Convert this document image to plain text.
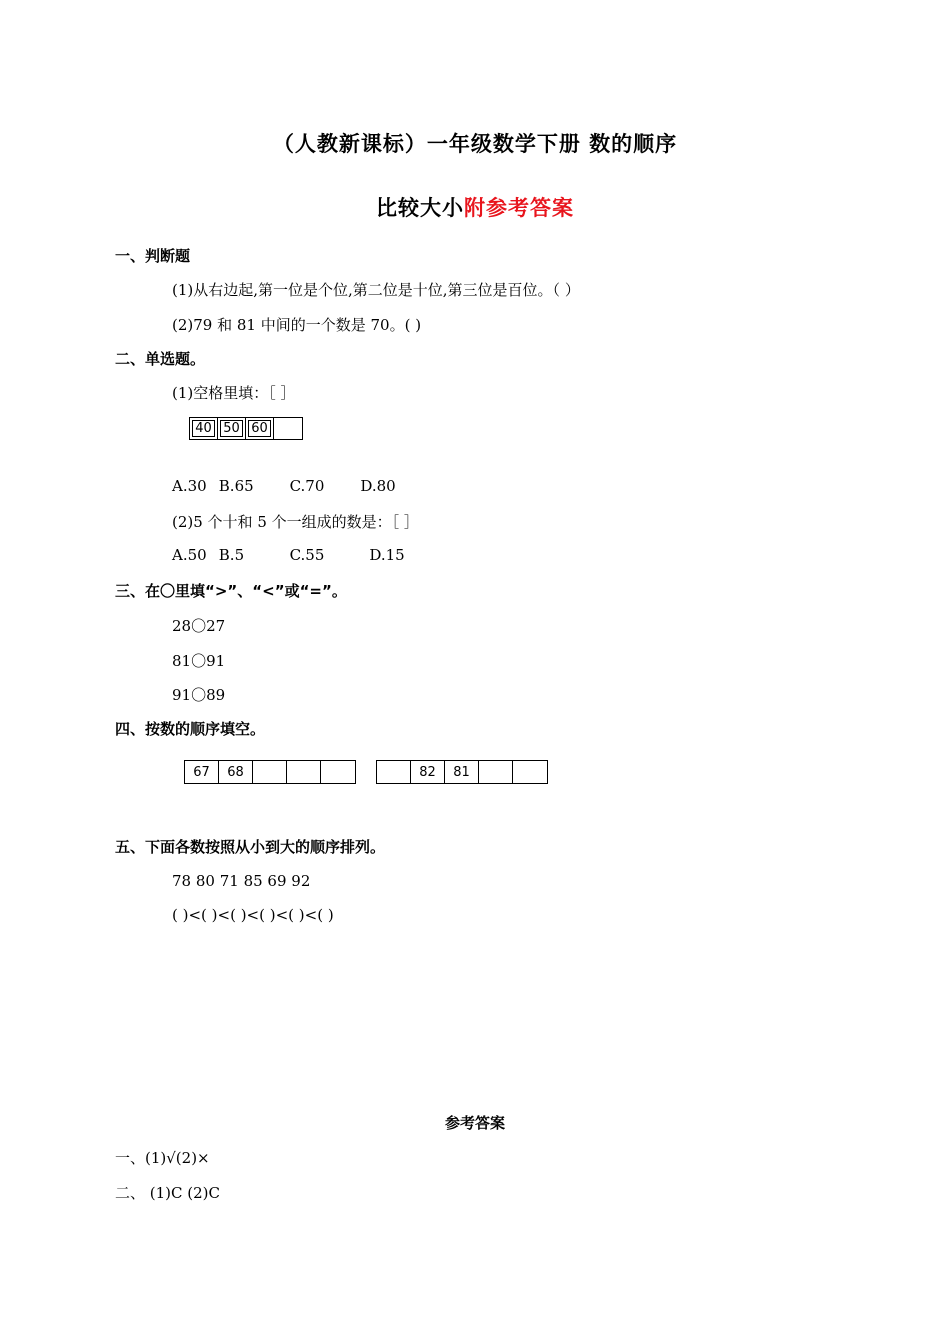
（人教新课标）一年级数学下册 数的顺序
比较大小附参考答案
一、判断题
(1)从右边起,第一位是个位,第二位是十位,第三位是百位。（ ）
(2)79 和 81 中间的一个数是 70。( )
二、单选题。
(1)空格里填：［ ］
40 50 60
A.30 B.65 C.70 D.80
(2)5 个十和 5 个一组成的数是：［ ］
A.50 B.5	C.55	D.15
三、在〇里填“>”、“<”或“=”。
28〇27
81〇91
91〇89
四、按数的顺序填空。
67 68	82 81
五、下面各数按照从小到大的顺序排列。
78 80 71 85 69 92
( )<( )<( )<( )<( )<( )
参考答案
一、(1)√(2)×
二、 (1)C (2)C
